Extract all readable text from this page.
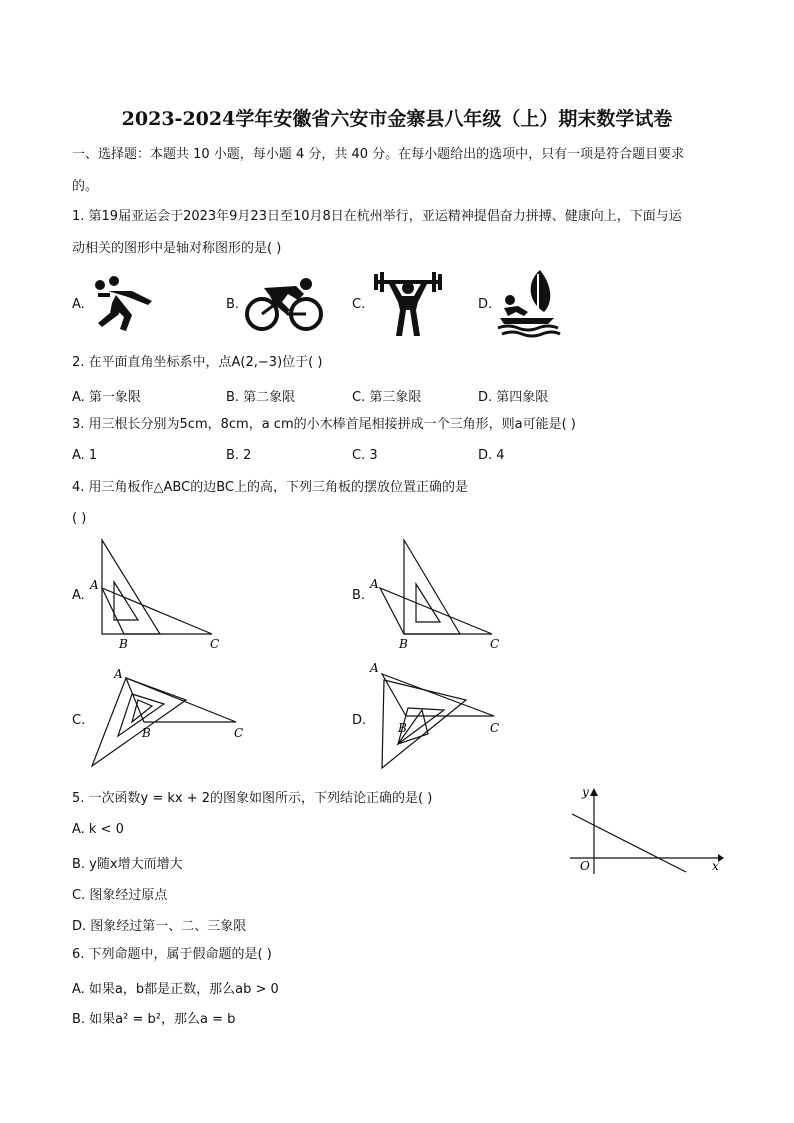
2023-2024学年安徽省六安市金寨县八年级（上）期末数学试卷
一、选择题：本题共 10 小题，每小题 4 分，共 40 分。在每小题给出的选项中，只有一项是符合题目要求
的。
1. 第19届亚运会于2023年9月23日至10月8日在杭州举行，亚运精神提倡奋力拼搏、健康向上，下面与运
动相关的图形中是轴对称图形的是( )
A.	B.	C.	D.
2. 在平面直角坐标系中，点A(2,−3)位于( )
A. 第一象限	B. 第二象限	C. 第三象限	D. 第四象限
3. 用三根长分别为5cm，8cm，a cm的小木棒首尾相接拼成一个三角形，则a可能是( )
A. 1	B. 2	C. 3	D. 4
4. 用三角板作△ABC的边BC上的高，下列三角板的摆放位置正确的是
( )
A.
A
B	C
B.
A
B	C
C.
A
B	C
D.
A
B	C
5. 一次函数y = kx + 2的图象如图所示，下列结论正确的是( )
A. k < 0
B. y随x增大而增大
C. 图象经过原点
D. 图象经过第一、二、三象限
y
x
O
6. 下列命题中，属于假命题的是( )
A. 如果a，b都是正数，那么ab > 0
B. 如果a² = b²，那么a = b
